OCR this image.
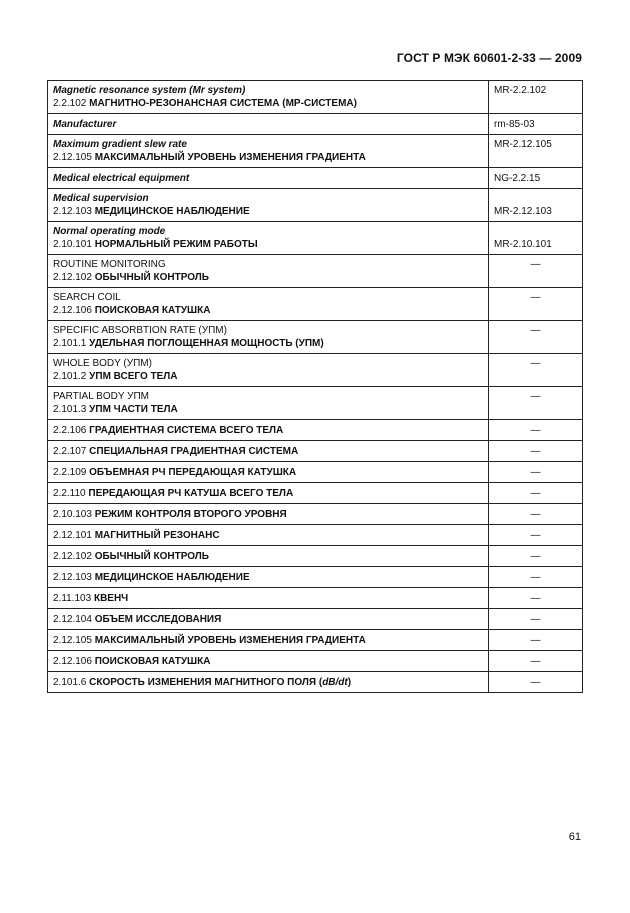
ГОСТ Р МЭК 60601-2-33 — 2009
Magnetic resonance system (Mr system)
2.2.102 МАГНИТНО-РЕЗОНАНСНАЯ СИСТЕМА (МР-СИСТЕМА)	MR-2.2.102

Manufacturer	rm-85-03

Maximum gradient slew rate
2.12.105 МАКСИМАЛЬНЫЙ УРОВЕНЬ ИЗМЕНЕНИЯ ГРАДИЕНТА	MR-2.12.105

Medical electrical equipment	NG-2.2.15

Medical supervision
2.12.103 МЕДИЦИНСКОЕ НАБЛЮДЕНИЕ	MR-2.12.103

Normal operating mode
2.10.101 НОРМАЛЬНЫЙ РЕЖИМ РАБОТЫ	MR-2.10.101

ROUTINE MONITORING
2.12.102 ОБЫЧНЫЙ КОНТРОЛЬ	—

SEARCH COIL
2.12.106 ПОИСКОВАЯ КАТУШКА	—

SPECIFIC ABSORBTION RATE (УПМ)
2.101.1 УДЕЛЬНАЯ ПОГЛОЩЕННАЯ МОЩНОСТЬ (УПМ)	—

WHOLE BODY (УПМ)
2.101.2 УПМ ВСЕГО ТЕЛА	—

PARTIAL BODY УПМ
2.101.3 УПМ ЧАСТИ ТЕЛА	—
2.2.106 ГРАДИЕНТНАЯ СИСТЕМА ВСЕГО ТЕЛА	—
2.2.107 СПЕЦИАЛЬНАЯ ГРАДИЕНТНАЯ СИСТЕМА	—
2.2.109 ОБЪЕМНАЯ РЧ ПЕРЕДАЮЩАЯ КАТУШКА	—
2.2.110 ПЕРЕДАЮЩАЯ РЧ КАТУША ВСЕГО ТЕЛА	—
2.10.103 РЕЖИМ КОНТРОЛЯ ВТОРОГО УРОВНЯ	—
2.12.101 МАГНИТНЫЙ РЕЗОНАНС	—
2.12.102 ОБЫЧНЫЙ КОНТРОЛЬ	—
2.12.103 МЕДИЦИНСКОЕ НАБЛЮДЕНИЕ	—
2.11.103 КВЕНЧ	—
2.12.104 ОБЪЕМ ИССЛЕДОВАНИЯ	—
2.12.105 МАКСИМАЛЬНЫЙ УРОВЕНЬ ИЗМЕНЕНИЯ ГРАДИЕНТА	—
2.12.106 ПОИСКОВАЯ КАТУШКА	—
2.101.6 СКОРОСТЬ ИЗМЕНЕНИЯ МАГНИТНОГО ПОЛЯ (dB/dt)	—
61
